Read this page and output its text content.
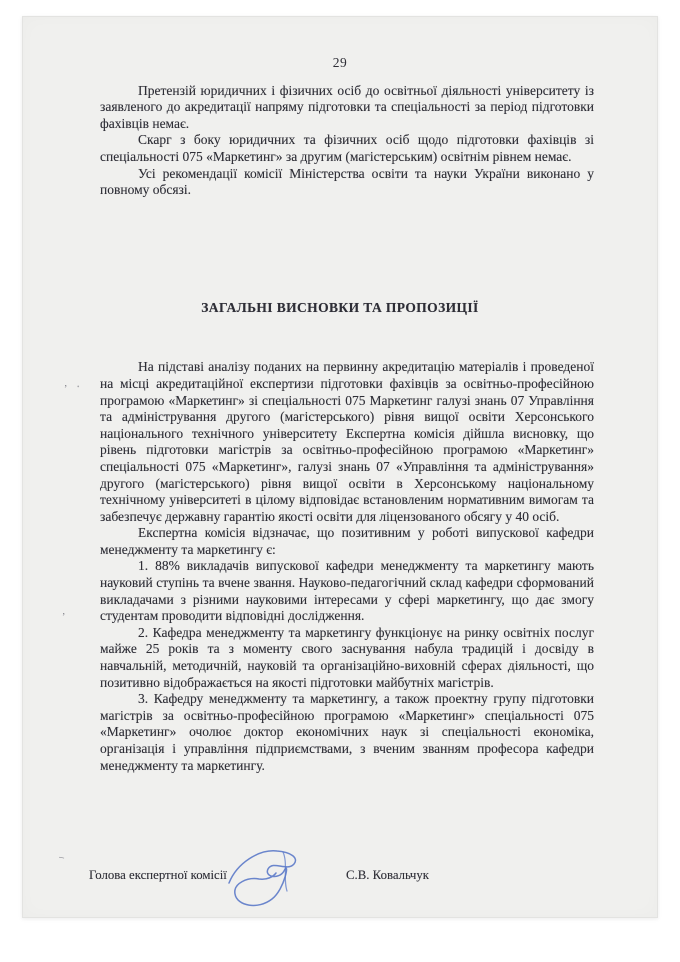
29

Претензій юридичних і фізичних осіб до освітньої діяльності університету із заявленого до акредитації напряму підготовки та спеціальності за період підготовки фахівців немає.

Скарг з боку юридичних та фізичних осіб щодо підготовки фахівців зі спеціальності 075 «Маркетинг» за другим (магістерським) освітнім рівнем немає.

Усі рекомендації комісії Міністерства освіти та науки України виконано у повному обсязі.

ЗАГАЛЬНІ ВИСНОВКИ ТА ПРОПОЗИЦІЇ

На підставі аналізу поданих на первинну акредитацію матеріалів і проведеної на місці акредитаційної експертизи підготовки фахівців за освітньо-професійною програмою «Маркетинг» зі спеціальності 075 Маркетинг галузі знань 07 Управління та адміністрування другого (магістерського) рівня вищої освіти Херсонського національного технічного університету Експертна комісія дійшла висновку, що рівень підготовки магістрів за освітньо-професійною програмою «Маркетинг» спеціальності 075 «Маркетинг», галузі знань 07 «Управління та адміністрування» другого (магістерського) рівня вищої освіти в Херсонському національному технічному університеті в цілому відповідає встановленим нормативним вимогам та забезпечує державну гарантію якості освіти для ліцензованого обсягу у 40 осіб.

Експертна комісія відзначає, що позитивним у роботі випускової кафедри менеджменту та маркетингу є:

1. 88% викладачів випускової кафедри менеджменту та маркетингу мають науковий ступінь та вчене звання. Науково-педагогічний склад кафедри сформований викладачами з різними науковими інтересами у сфері маркетингу, що дає змогу студентам проводити відповідні дослідження.

2. Кафедра менеджменту та маркетингу функціонує на ринку освітніх послуг майже 25 років та з моменту свого заснування набула традицій і досвіду в навчальній, методичній, науковій та організаційно-виховній сферах діяльності, що позитивно відображається на якості підготовки майбутніх магістрів.

3. Кафедру менеджменту та маркетингу, а також проектну групу підготовки магістрів за освітньо-професійною програмою «Маркетинг» спеціальності 075 «Маркетинг» очолює доктор економічних наук зі спеціальності економіка, організація і управління підприємствами, з вченим званням професора кафедри менеджменту та маркетингу.

Голова експертної комісії	С.В. Ковальчук
’ •
’
–
